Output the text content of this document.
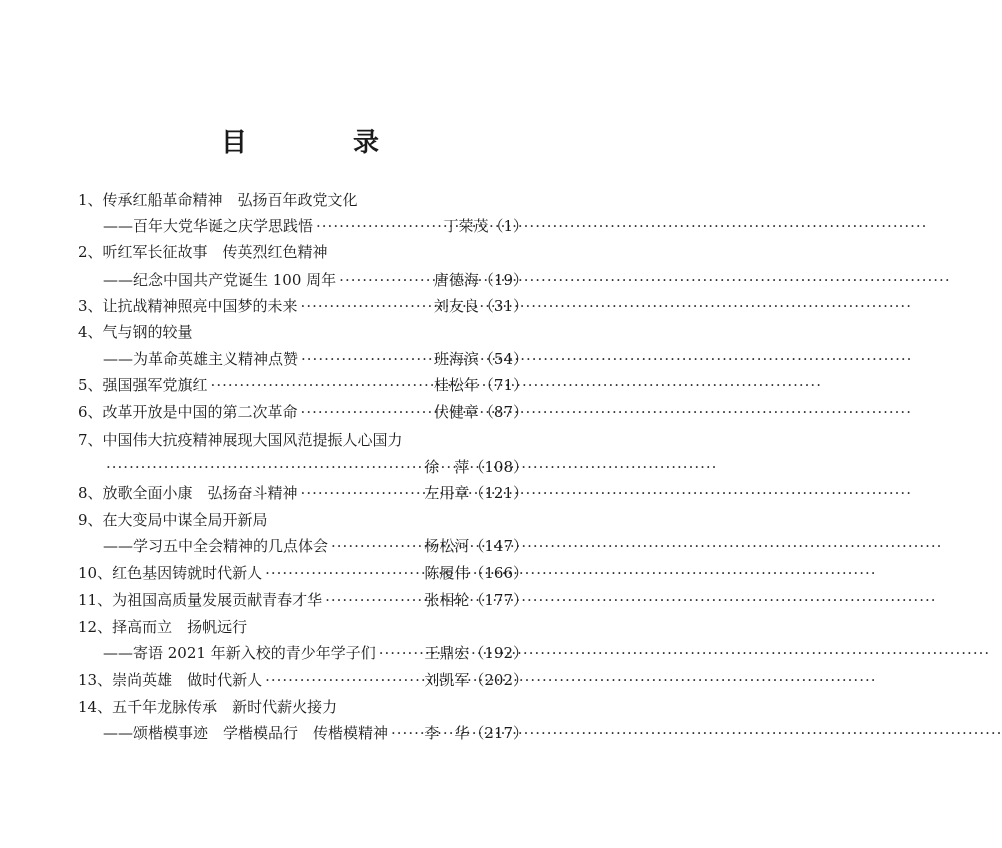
目　录
1、传承红船革命精神　弘扬百年政党文化
——百年大党华诞之庆学思践悟 ·····	丁荣茂 （1）
2、听红军长征故事　传英烈红色精神
——纪念中国共产党诞生 100 周年 ·····	唐德海 （19）
3、让抗战精神照亮中国梦的未来 ·····	刘友良 （31）
4、气与钢的较量
——为革命英雄主义精神点赞 ·····	班海滨 （54）
5、强国强军党旗红 ·····	桂松年 （71）
6、改革开放是中国的第二次革命 ·····	伏健章 （87）
7、中国伟大抗疫精神展现大国风范提振人心国力
·····
徐　萍 （108）
8、放歌全面小康　弘扬奋斗精神 ·····	左用章 （121）
9、在大变局中谋全局开新局
——学习五中全会精神的几点体会 ·····	杨松河 （147）
10、红色基因铸就时代新人 ·····	陈履伟 （166）
11、为祖国高质量发展贡献青春才华 ·····	张相轮 （177）
12、择高而立　扬帆远行
——寄语 2021 年新入校的青少年学子们 ·····	王鼎宏 （192）
13、崇尚英雄　做时代新人 ·····	刘凯军 （202）
14、五千年龙脉传承　新时代薪火接力
——颂楷模事迹　学楷模品行　传楷模精神 ····· 李　华 （217）
